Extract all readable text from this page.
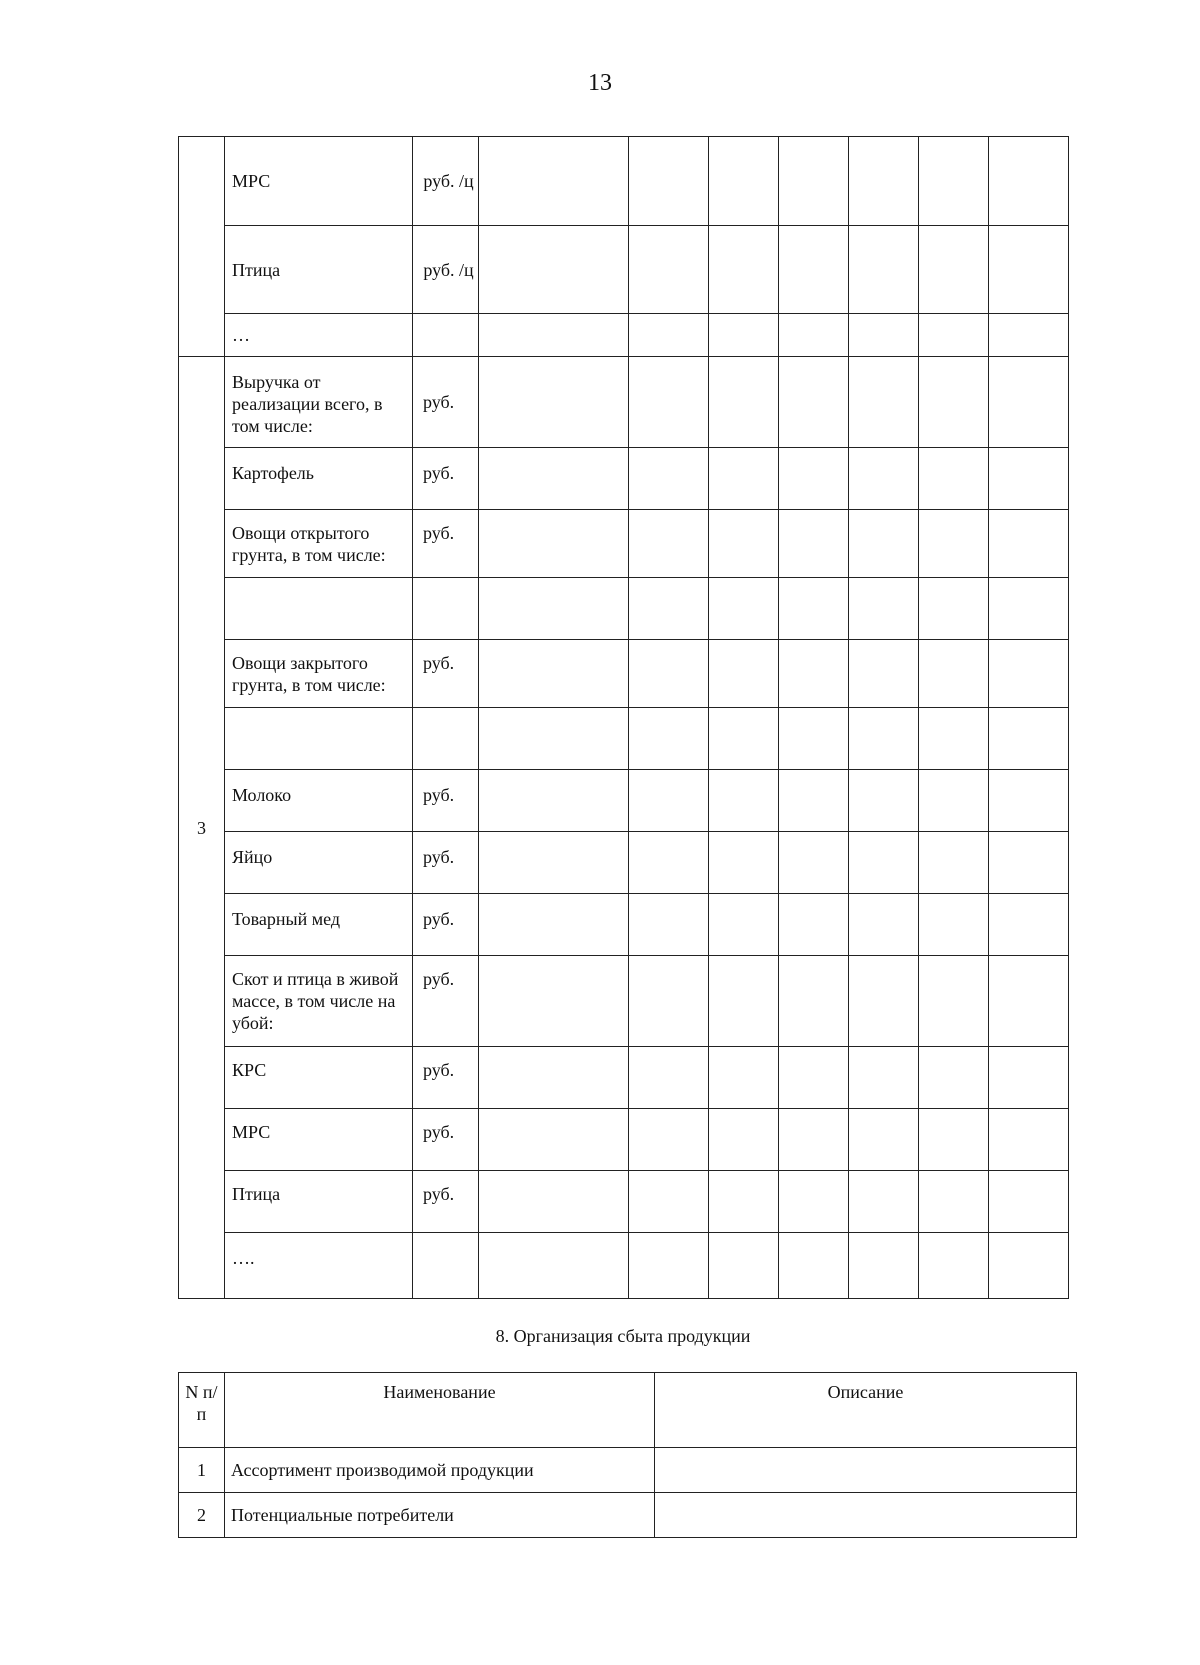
13
	МРС	руб. /ц							
	Птица	руб. /ц							
	…								
3	Выручка от реализации всего, в том числе:	руб.							
	Картофель	руб.							
	Овощи открытого грунта, в том числе:	руб.							

	Овощи закрытого грунта, в том числе:	руб.							

	Молоко	руб.							
	Яйцо	руб.							
	Товарный мед	руб.							
	Скот и птица в живой массе, в том числе на убой:	руб.							
	КРС	руб.							
	МРС	руб.							
	Птица	руб.							
	….								
8. Организация сбыта продукции
N п/п	Наименование	Описание
1	Ассортимент производимой продукции	
2	Потенциальные потребители	
